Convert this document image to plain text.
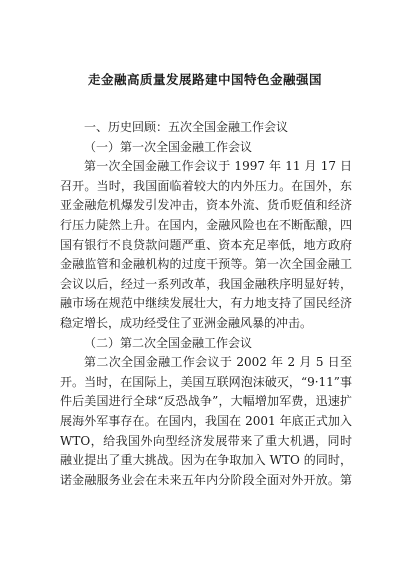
走金融高质量发展路建中国特色金融强国
一、历史回顾：五次全国金融工作会议
（一）第一次全国金融工作会议
第一次全国金融工作会议于 1997 年 11 月 17 日
召开。当时，我国面临着较大的内外压力。在国外，东
亚金融危机爆发引发冲击，资本外流、货币贬值和经济
行压力陡然上升。在国内，金融风险也在不断酝酿，四
国有银行不良贷款问题严重、资本充足率低，地方政府
金融监管和金融机构的过度干预等。第一次全国金融工
会议以后，经过一系列改革，我国金融秩序明显好转，
融市场在规范中继续发展壮大，有力地支持了国民经济
稳定增长，成功经受住了亚洲金融风暴的冲击。
（二）第二次全国金融工作会议
第二次全国金融工作会议于 2002 年 2 月 5 日至
开。当时，在国际上，美国互联网泡沫破灭，“9·11”事
件后美国进行全球“反恐战争”，大幅增加军费，迅速扩
展海外军事存在。在国内，我国在 2001 年底正式加入
WTO，给我国外向型经济发展带来了重大机遇，同时
融业提出了重大挑战。因为在争取加入 WTO 的同时，
诺金融服务业会在未来五年内分阶段全面对外开放。第
